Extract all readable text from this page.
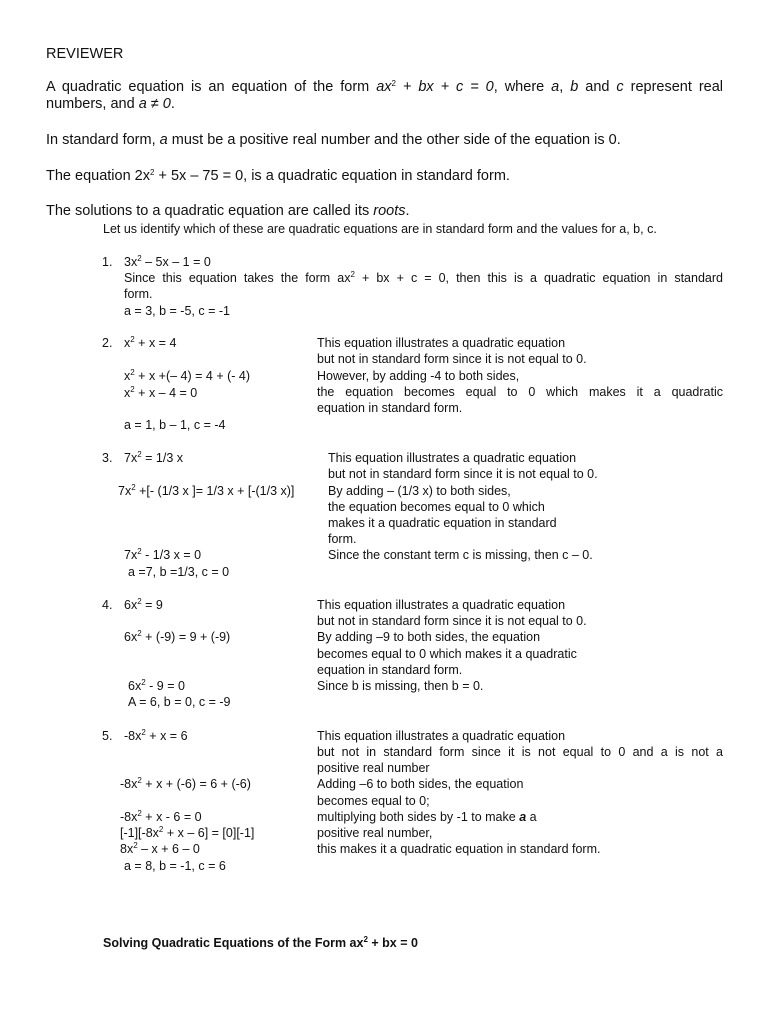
REVIEWER
A quadratic equation is an equation of the form $ax^2$ + bx + c = 0, where a, b and c represent real
numbers, and a ≠ 0.
In standard form, a must be a positive real number and the other side of the equation is 0.
The equation $2x^2 + 5x - 75 = 0$, is a quadratic equation in standard form.
The solutions to a quadratic equation are called its roots.
Let us identify which of these are quadratic equations are in standard form and the values for a, b, c.
1. $3x^2 - 5x - 1 = 0$
Since this equation takes the form $ax^2$ + bx + c = 0, then this is a quadratic equation in standard
form.
a = 3, b = -5, c = -1
2. $x^2 + x = 4$
$x^2 + x$ +(– 4) = 4 + (- 4)
$x^2 + x - 4 = 0$
a = 1, b – 1, c = -4
This equation illustrates a quadratic equation
but not in standard form since it is not equal to 0.
However, by adding -4 to both sides,
the equation becomes equal to 0 which makes it a quadratic
equation in standard form.
3. $7x^2 = 1/3$ x
$7x^2$ +[- (1/3 x ]= 1/3 x + [-(1/3 x)]
$7x^2 - 1/3$ x = 0
a =7, b =1/3, c = 0
This equation illustrates a quadratic equation
but not in standard form since it is not equal to 0.
By adding – (1/3 x) to both sides,
the equation becomes equal to 0 which
makes it a quadratic equation in standard
form.
Since the constant term c is missing, then c – 0.
4. $6x^2 = 9$
$6x^2 + (-9) = 9 + (-9)$
$6x^2 - 9 = 0$
A = 6, b = 0, c = -9
This equation illustrates a quadratic equation
but not in standard form since it is not equal to 0.
By adding –9 to both sides, the equation
becomes equal to 0 which makes it a quadratic
equation in standard form.
Since b is missing, then b = 0.
5. $-8x^2 + x = 6$
$-8x^2 + x + (-6) = 6 + (-6)$
$-8x^2 + x - 6 = 0$
$[-1][-8x^2 + x - 6] = [0][-1]$
$8x^2 - x + 6 - 0$
a = 8, b = -1, c = 6
This equation illustrates a quadratic equation
but not in standard form since it is not equal to 0 and a is not a
positive real number
Adding –6 to both sides, the equation
becomes equal to 0;
multiplying both sides by -1 to make a a
positive real number,
this makes it a quadratic equation in standard form.
Solving Quadratic Equations of the Form $ax^2$ + bx = 0
